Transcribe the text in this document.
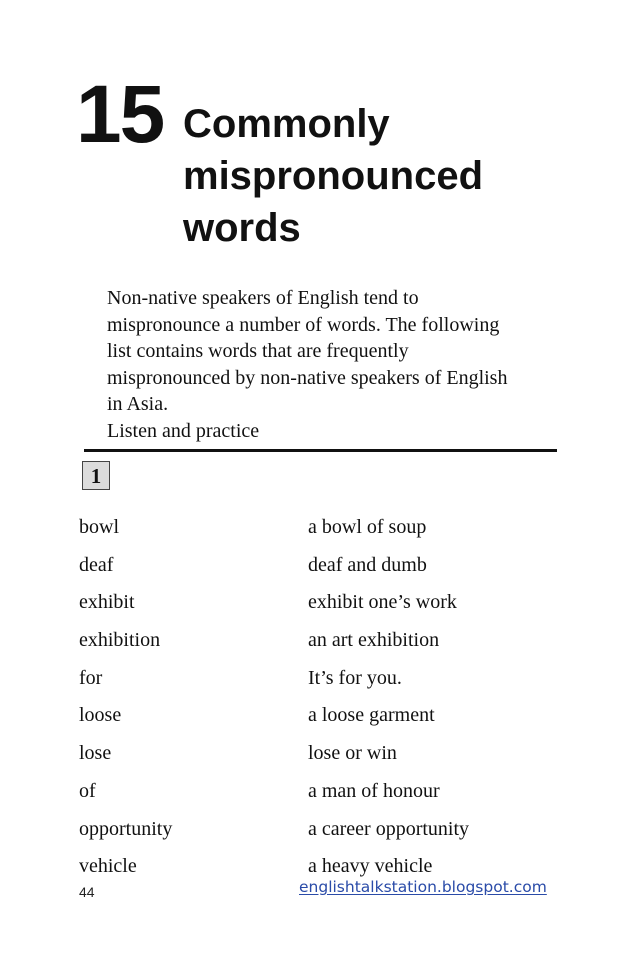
15 Commonly
mispronounced
words
Non-native speakers of English tend to
mispronounce a number of words. The following
list contains words that are frequently
mispronounced by non-native speakers of English
in Asia.
Listen and practice
1
bowl	a bowl of soup
deaf	deaf and dumb
exhibit	exhibit one’s work
exhibition	an art exhibition
for	It’s for you.
loose	a loose garment
lose	lose or win
of	a man of honour
opportunity	a career opportunity
vehicle	a heavy vehicle
44	englishtalkstation.blogspot.com
